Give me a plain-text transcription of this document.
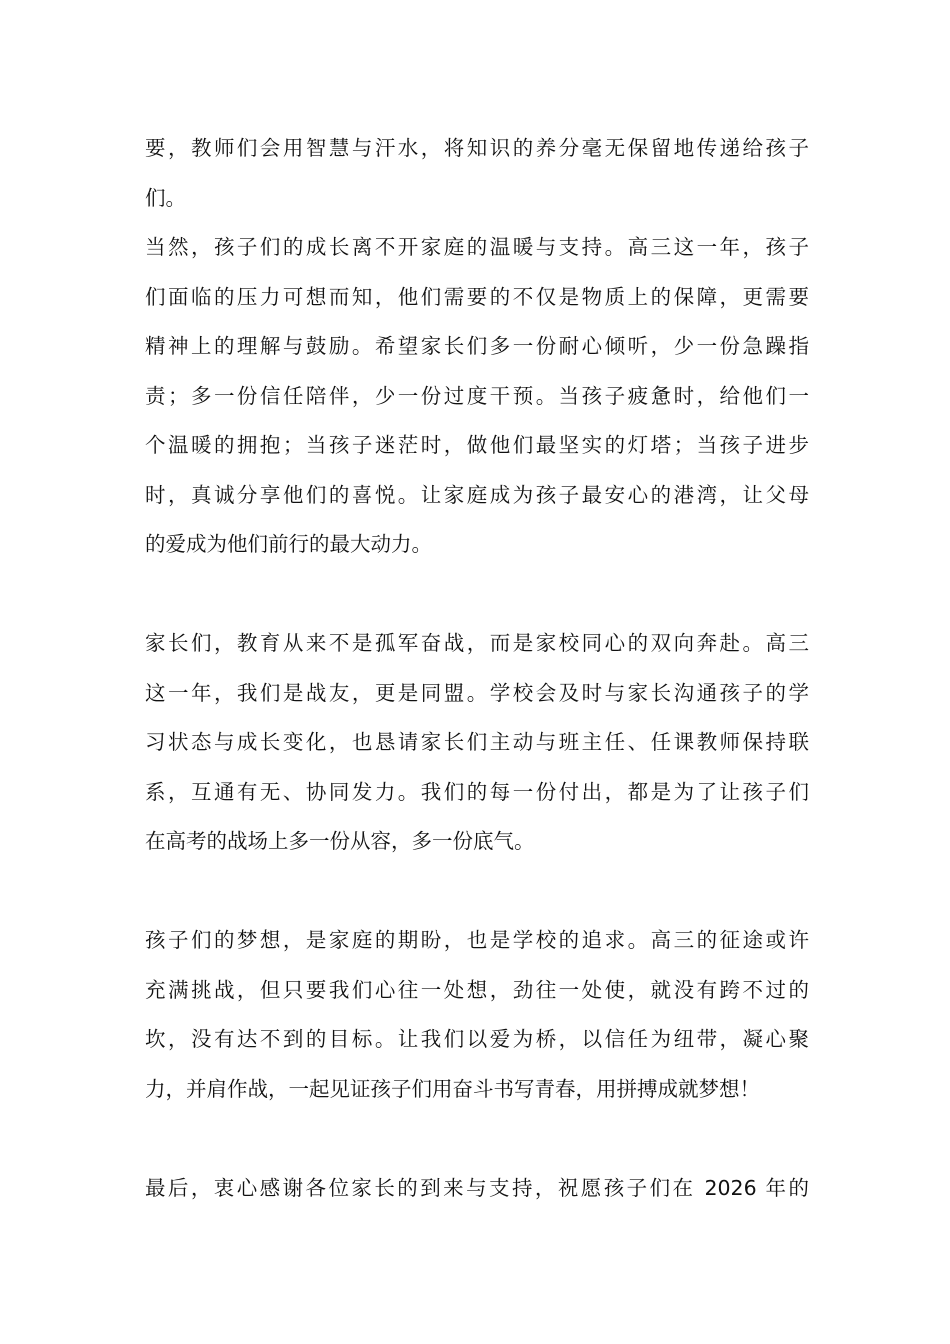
要，教师们会用智慧与汗水，将知识的养分毫无保留地传递给孩子
们。
当然，孩子们的成长离不开家庭的温暖与支持。高三这一年，孩子
们面临的压力可想而知，他们需要的不仅是物质上的保障，更需要
精神上的理解与鼓励。希望家长们多一份耐心倾听，少一份急躁指
责；多一份信任陪伴，少一份过度干预。当孩子疲惫时，给他们一
个温暖的拥抱；当孩子迷茫时，做他们最坚实的灯塔；当孩子进步
时，真诚分享他们的喜悦。让家庭成为孩子最安心的港湾，让父母
的爱成为他们前行的最大动力。
家长们，教育从来不是孤军奋战，而是家校同心的双向奔赴。高三
这一年，我们是战友，更是同盟。学校会及时与家长沟通孩子的学
习状态与成长变化，也恳请家长们主动与班主任、任课教师保持联
系，互通有无、协同发力。我们的每一份付出，都是为了让孩子们
在高考的战场上多一份从容，多一份底气。
孩子们的梦想，是家庭的期盼，也是学校的追求。高三的征途或许
充满挑战，但只要我们心往一处想，劲往一处使，就没有跨不过的
坎，没有达不到的目标。让我们以爱为桥，以信任为纽带，凝心聚
力，并肩作战，一起见证孩子们用奋斗书写青春，用拼搏成就梦想！
最后，衷心感谢各位家长的到来与支持，祝愿孩子们在 2026 年的
